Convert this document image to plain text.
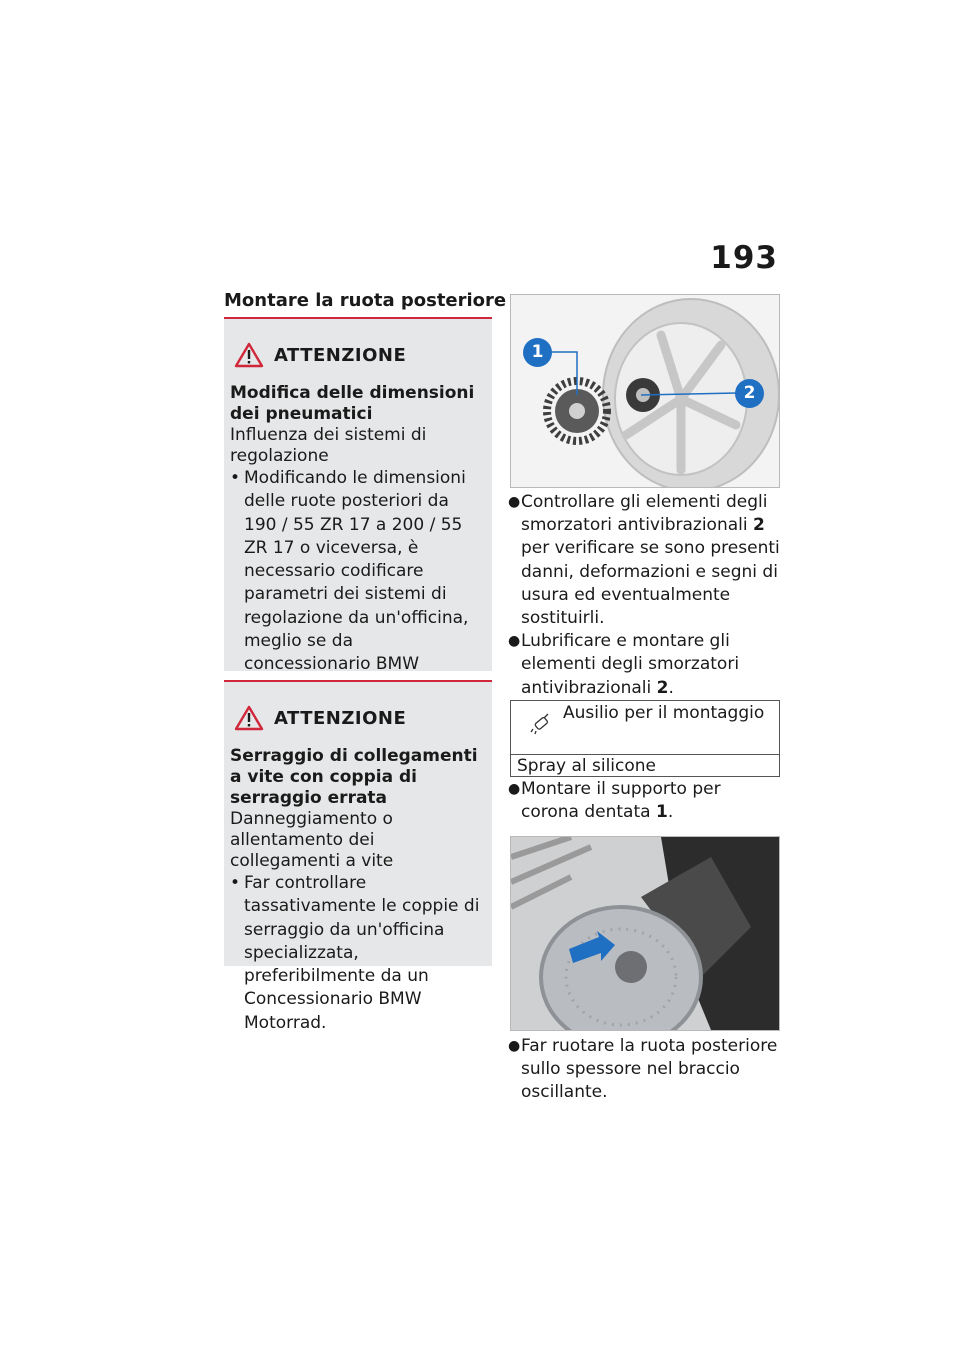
193
Montare la ruota posteriore
ATTENZIONE
Modifica delle dimensioni dei pneumatici
Influenza dei sistemi di regolazione
• Modificando le dimensioni delle ruote posteriori da 190 / 55 ZR 17 a 200 / 55 ZR 17 o viceversa, è necessario codificare parametri dei sistemi di regolazione da un'officina, meglio se da concessionario BMW
ATTENZIONE
Serraggio di collegamenti a vite con coppia di serraggio errata
Danneggiamento o allentamento dei collegamenti a vite
• Far controllare tassativamente le coppie di serraggio da un'officina specializzata, preferibilmente da un Concessionario BMW Motorrad.
1
2
● Controllare gli elementi degli smorzatori antivibrazionali 2 per verificare se sono presenti danni, deformazioni e segni di usura ed eventualmente sostituirli.
● Lubrificare e montare gli elementi degli smorzatori antivibrazionali 2.
Ausilio per il montaggio
Spray al silicone
● Montare il supporto per corona dentata 1.
● Far ruotare la ruota posteriore sullo spessore nel braccio oscillante.
